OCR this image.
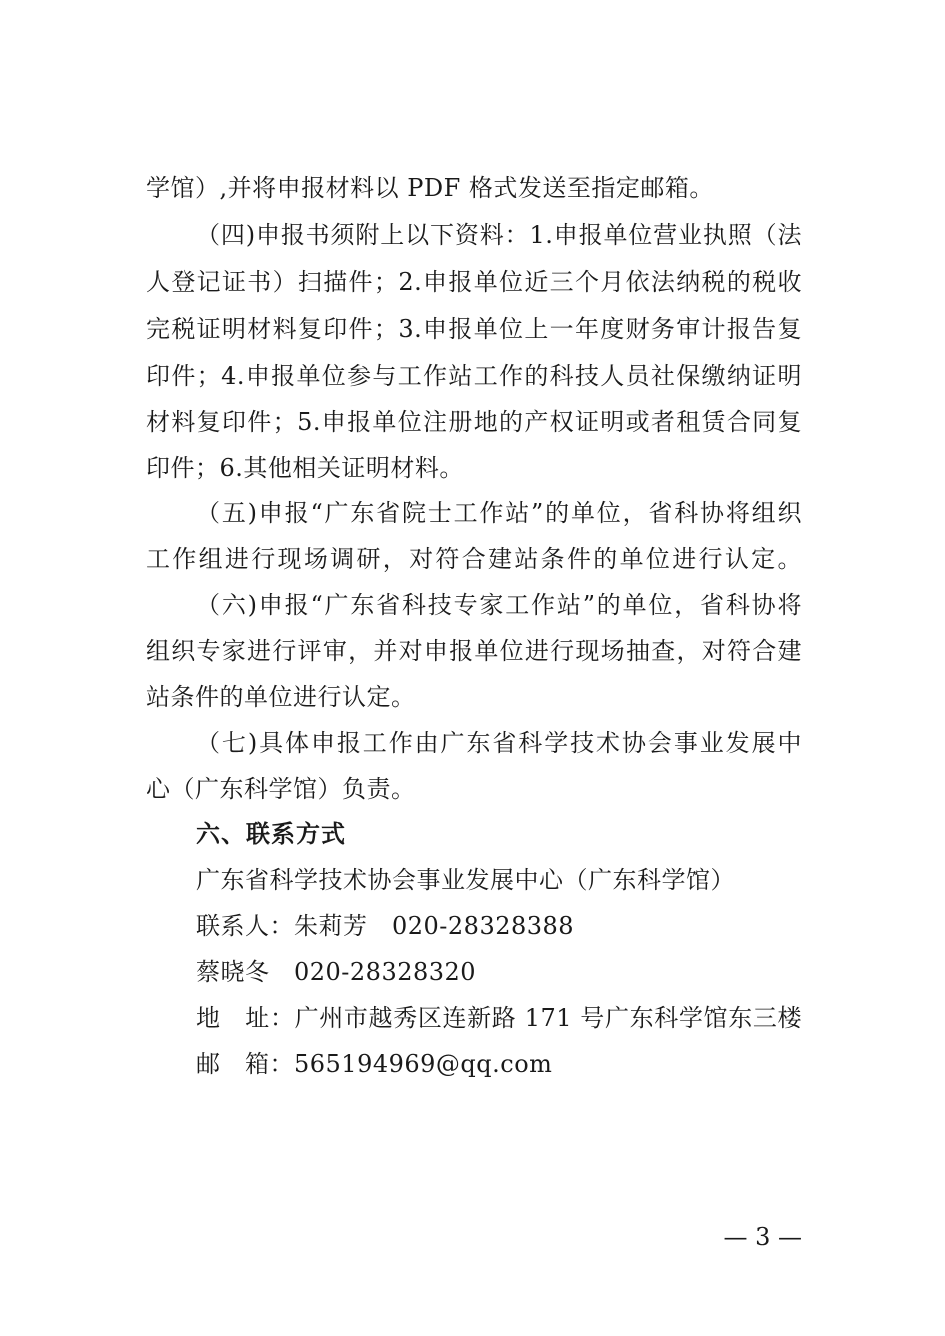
学馆）,并将申报材料以 PDF 格式发送至指定邮箱。
（四)申报书须附上以下资料：1.申报单位营业执照（法
人登记证书）扫描件；2.申报单位近三个月依法纳税的税收
完税证明材料复印件；3.申报单位上一年度财务审计报告复
印件；4.申报单位参与工作站工作的科技人员社保缴纳证明
材料复印件；5.申报单位注册地的产权证明或者租赁合同复
印件；6.其他相关证明材料。
（五)申报“广东省院士工作站”的单位，省科协将组织
工作组进行现场调研，对符合建站条件的单位进行认定。
（六)申报“广东省科技专家工作站”的单位，省科协将
组织专家进行评审，并对申报单位进行现场抽查，对符合建
站条件的单位进行认定。
（七)具体申报工作由广东省科学技术协会事业发展中
心（广东科学馆）负责。
六、联系方式
广东省科学技术协会事业发展中心（广东科学馆）
联系人：朱莉芳　020-28328388
蔡晓冬　020-28328320
地　址：广州市越秀区连新路 171 号广东科学馆东三楼
邮　箱：565194969@qq.com
— 3 —
